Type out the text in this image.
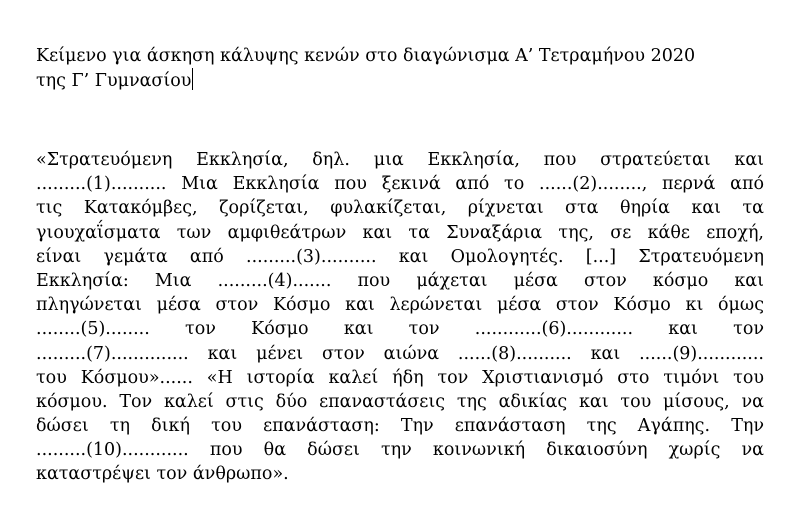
Κείμενο για άσκηση κάλυψης κενών στο διαγώνισμα Α’ Τετραμήνου 2020
της Γ’ Γυμνασίου
«Στρατευόμενη Εκκλησία, δηλ. μια Εκκλησία, που στρατεύεται και
.........(1).......... Μια Εκκλησία που ξεκινά από το ......(2)........, περνά από
τις Κατακόμβες, ζορίζεται, φυλακίζεται, ρίχνεται στα θηρία και τα
γιουχαΐσματα των αμφιθεάτρων και τα Συναξάρια της, σε κάθε εποχή,
είναι γεμάτα από .........(3).......... και Ομολογητές. [...] Στρατευόμενη
Εκκλησία: Μια .........(4)....... που μάχεται μέσα στον κόσμο και
πληγώνεται μέσα στον Κόσμο και λερώνεται μέσα στον Κόσμο κι όμως
........(5)........ τον Κόσμο και τον ............(6)............ και τον
.........(7).............. και μένει στον αιώνα ......(8).......... και ......(9)............
του Κόσμου»...... «Η ιστορία καλεί ήδη τον Χριστιανισμό στο τιμόνι του
κόσμου. Τον καλεί στις δύο επαναστάσεις της αδικίας και του μίσους, να
δώσει τη δική του επανάσταση: Την επανάσταση της Αγάπης. Την
.........(10)............ που θα δώσει την κοινωνική δικαιοσύνη χωρίς να
καταστρέψει τον άνθρωπο».
